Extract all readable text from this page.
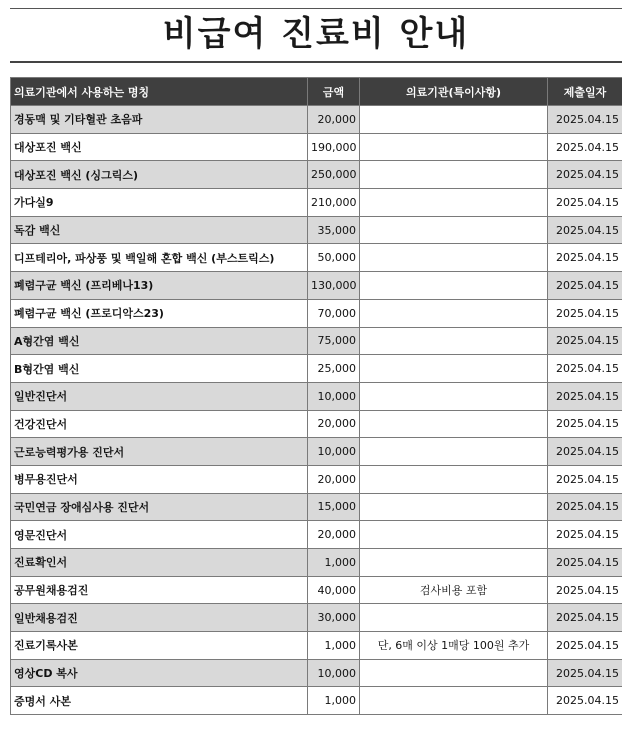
비급여 진료비 안내
의료기관에서 사용하는 명칭	금액	의료기관(특이사항)	제출일자
경동맥 및 기타혈관 초음파	20,000		2025.04.15
대상포진 백신	190,000		2025.04.15
대상포진 백신 (싱그릭스)	250,000		2025.04.15
가다실9	210,000		2025.04.15
독감 백신	35,000		2025.04.15
디프테리아, 파상풍 및 백일해 혼합 백신 (부스트릭스)	50,000		2025.04.15
폐렴구균 백신 (프리베나13)	130,000		2025.04.15
폐렴구균 백신 (프로디악스23)	70,000		2025.04.15
A형간염 백신	75,000		2025.04.15
B형간염 백신	25,000		2025.04.15
일반진단서	10,000		2025.04.15
건강진단서	20,000		2025.04.15
근로능력평가용 진단서	10,000		2025.04.15
병무용진단서	20,000		2025.04.15
국민연금 장애심사용 진단서	15,000		2025.04.15
영문진단서	20,000		2025.04.15
진료확인서	1,000		2025.04.15
공무원채용검진	40,000	검사비용 포함	2025.04.15
일반채용검진	30,000		2025.04.15
진료기록사본	1,000	단, 6매 이상 1매당 100원 추가	2025.04.15
영상CD 복사	10,000		2025.04.15
증명서 사본	1,000		2025.04.15
